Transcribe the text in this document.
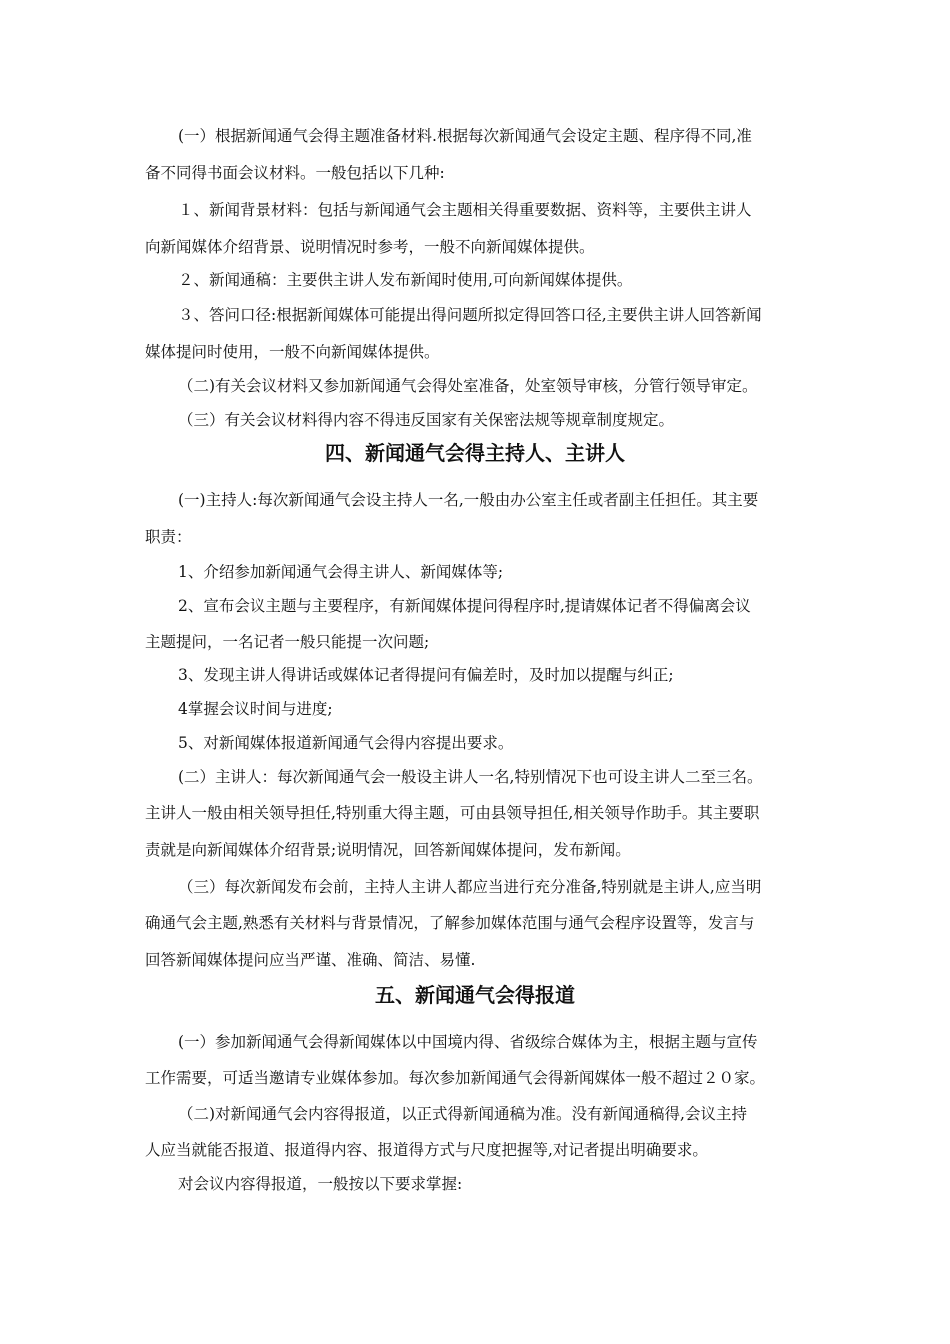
(一）根据新闻通气会得主题准备材料.根据每次新闻通气会设定主题、程序得不同,准
备不同得书面会议材料。一般包括以下几种:
１、新闻背景材料：包括与新闻通气会主题相关得重要数据、资料等，主要供主讲人
向新闻媒体介绍背景、说明情况时参考，一般不向新闻媒体提供。
２、新闻通稿：主要供主讲人发布新闻时使用,可向新闻媒体提供。
３、答问口径:根据新闻媒体可能提出得问题所拟定得回答口径,主要供主讲人回答新闻
媒体提问时使用，一般不向新闻媒体提供。
（二)有关会议材料又参加新闻通气会得处室准备，处室领导审核，分管行领导审定。
（三）有关会议材料得内容不得违反国家有关保密法规等规章制度规定。
四、新闻通气会得主持人、主讲人
(一)主持人:每次新闻通气会设主持人一名,一般由办公室主任或者副主任担任。其主要
职责：
1、介绍参加新闻通气会得主讲人、新闻媒体等;
2、宣布会议主题与主要程序，有新闻媒体提问得程序时,提请媒体记者不得偏离会议
主题提问，一名记者一般只能提一次问题;
3、发现主讲人得讲话或媒体记者得提问有偏差时，及时加以提醒与纠正;
4掌握会议时间与进度;
5、对新闻媒体报道新闻通气会得内容提出要求。
(二）主讲人：每次新闻通气会一般设主讲人一名,特别情况下也可设主讲人二至三名。
主讲人一般由相关领导担任,特别重大得主题，可由县领导担任,相关领导作助手。其主要职
责就是向新闻媒体介绍背景;说明情况，回答新闻媒体提问，发布新闻。
（三）每次新闻发布会前，主持人主讲人都应当进行充分准备,特别就是主讲人,应当明
确通气会主题,熟悉有关材料与背景情况，了解参加媒体范围与通气会程序设置等，发言与
回答新闻媒体提问应当严谨、准确、简洁、易懂.
五、新闻通气会得报道
(一）参加新闻通气会得新闻媒体以中国境内得、省级综合媒体为主，根据主题与宣传
工作需要，可适当邀请专业媒体参加。每次参加新闻通气会得新闻媒体一般不超过２０家。
（二)对新闻通气会内容得报道，以正式得新闻通稿为准。没有新闻通稿得,会议主持
人应当就能否报道、报道得内容、报道得方式与尺度把握等,对记者提出明确要求。
对会议内容得报道，一般按以下要求掌握:
